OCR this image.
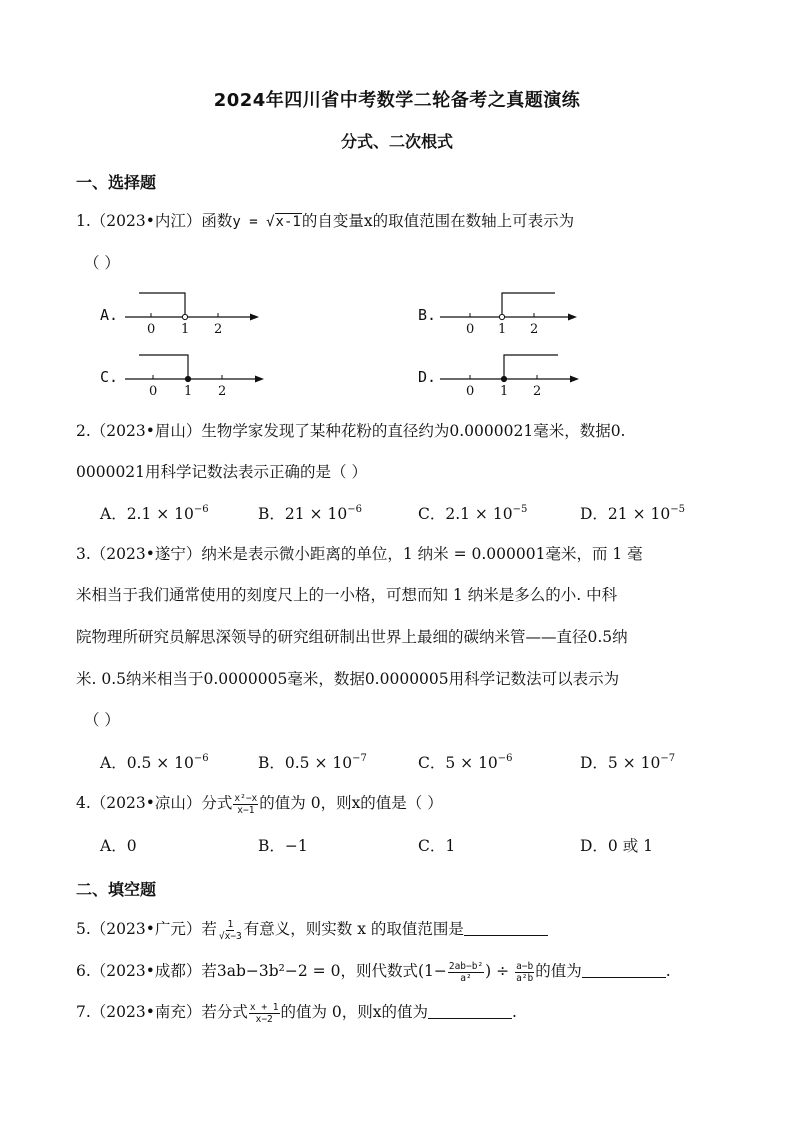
2024年四川省中考数学二轮备考之真题演练
分式、二次根式
一、选择题
1.（2023•内江）函数y = √x-1的自变量x的取值范围在数轴上可表示为
（ ）
A.
0 1 2
B.
0 1 2
C.
0 1 2
D.
0 1 2
2.（2023•眉山）生物学家发现了某种花粉的直径约为0.0000021毫米，数据0.
0000021用科学记数法表示正确的是（ ）
A．$2.1 \times 10^{-6}$	B．$21 \times 10^{-6}$	C．$2.1 \times 10^{-5}$	D．$21 \times 10^{-5}$
3.（2023•遂宁）纳米是表示微小距离的单位，1 纳米 = 0.000001毫米，而 1 毫
米相当于我们通常使用的刻度尺上的一小格，可想而知 1 纳米是多么的小. 中科
院物理所研究员解思深领导的研究组研制出世界上最细的碳纳米管——直径0.5纳
米. 0.5纳米相当于0.0000005毫米，数据0.0000005用科学记数法可以表示为
（ ）
A．$0.5 \times 10^{-6}$	B．$0.5 \times 10^{-7}$	C．$5 \times 10^{-6}$	D．$5 \times 10^{-7}$
4.（2023•凉山）分式 $\frac{\text{x²−x}}{x-1}$ 的值为 0，则x的值是（ ）
A．0	B．−1	C．1	D．0 或 1
二、填空题
5.（2023•广元）若 $\frac{1}{√x-3}$ 有意义，则实数 x 的取值范围是
6.（2023•成都）若3ab−3b²−2 = 0，则代数式($1- \frac{\text{2ab−b²}}{\text{a²}}$ ) ÷ $\frac{a-b}{\text{a²b}}$ 的值为	.
7.（2023•南充）若分式 $\frac{x + 1}{x-2}$ 的值为 0，则x的值为	.
